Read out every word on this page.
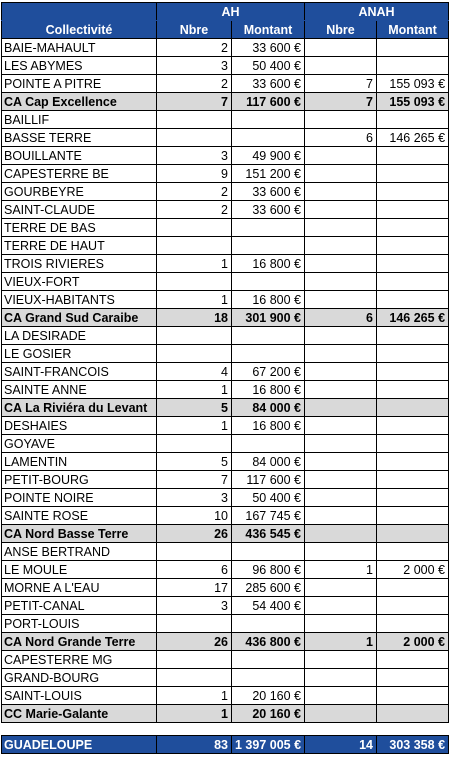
	AH		ANAH	
Collectivité	Nbre	Montant	Nbre	Montant
BAIE-MAHAULT	2	33 600 €		
LES ABYMES	3	50 400 €		
POINTE A PITRE	2	33 600 €	7	155 093 €
CA Cap Excellence	7	117 600 €	7	155 093 €
BAILLIF				
BASSE TERRE			6	146 265 €
BOUILLANTE	3	49 900 €		
CAPESTERRE BE	9	151 200 €		
GOURBEYRE	2	33 600 €		
SAINT-CLAUDE	2	33 600 €		
TERRE DE BAS				
TERRE DE HAUT				
TROIS RIVIERES	1	16 800 €		
VIEUX-FORT				
VIEUX-HABITANTS	1	16 800 €		
CA Grand Sud Caraibe	18	301 900 €	6	146 265 €
LA DESIRADE				
LE GOSIER				
SAINT-FRANCOIS	4	67 200 €		
SAINTE ANNE	1	16 800 €		
CA La Riviéra du Levant	5	84 000 €		
DESHAIES	1	16 800 €		
GOYAVE				
LAMENTIN	5	84 000 €		
PETIT-BOURG	7	117 600 €		
POINTE NOIRE	3	50 400 €		
SAINTE ROSE	10	167 745 €		
CA Nord Basse Terre	26	436 545 €		
ANSE BERTRAND				
LE MOULE	6	96 800 €	1	2 000 €
MORNE A L'EAU	17	285 600 €		
PETIT-CANAL	3	54 400 €		
PORT-LOUIS				
CA Nord Grande Terre	26	436 800 €	1	2 000 €
CAPESTERRE MG				
GRAND-BOURG				
SAINT-LOUIS	1	20 160 €		
CC Marie-Galante	1	20 160 €		

GUADELOUPE	83	1 397 005 €	14	303 358 €
